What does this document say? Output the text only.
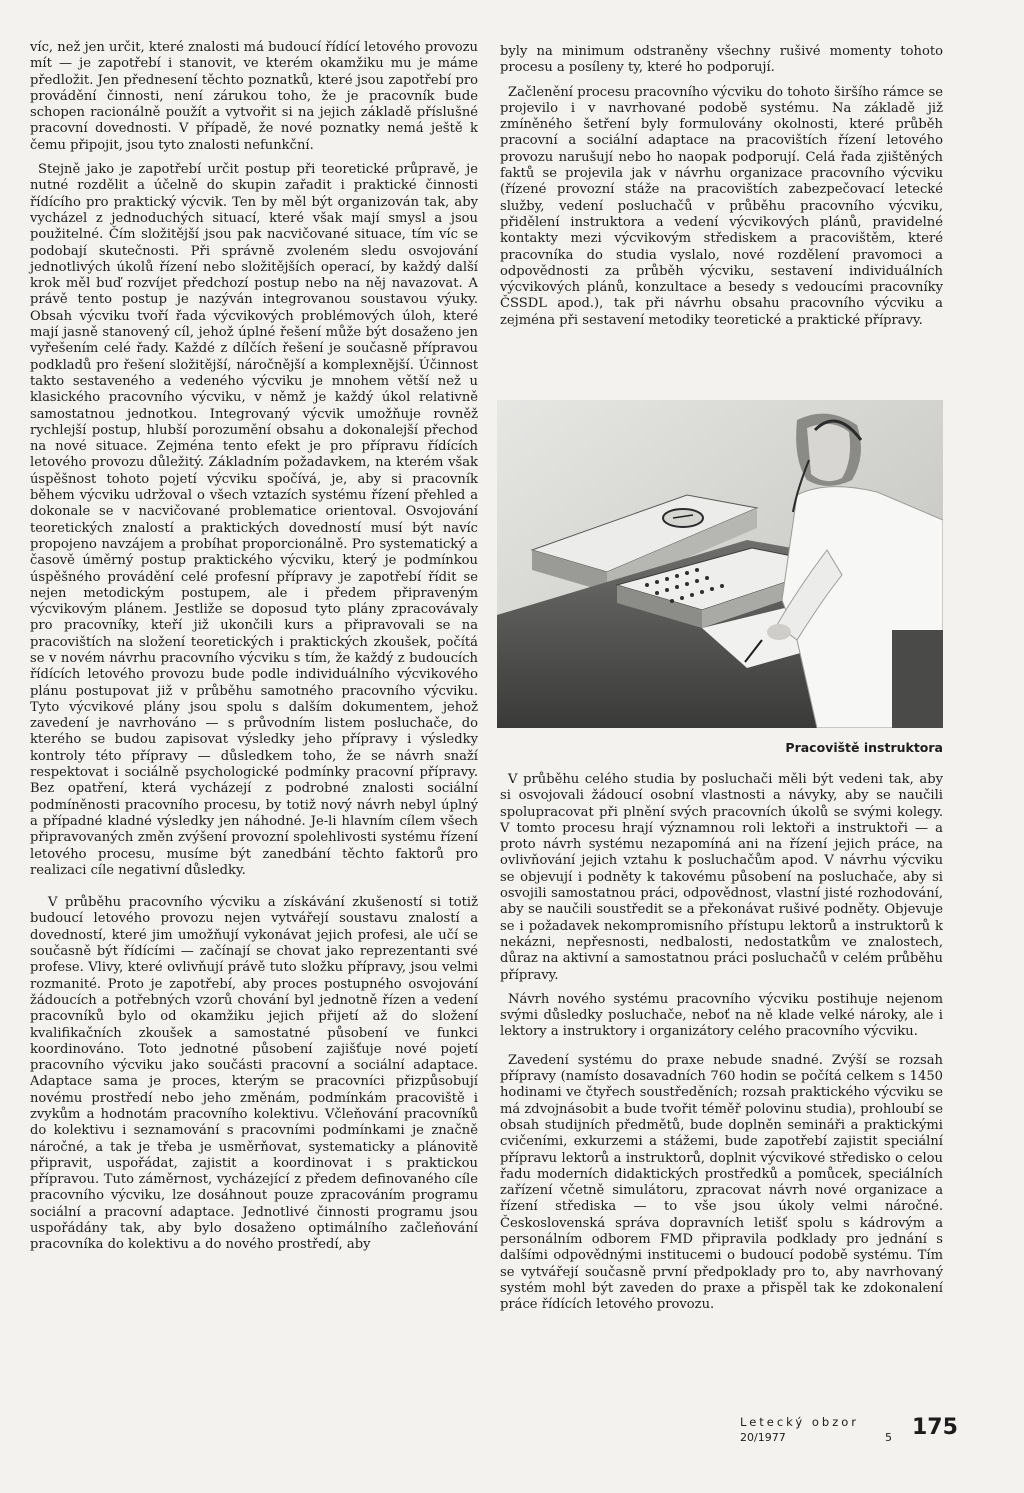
víc, než jen určit, které znalosti má budoucí řídící letového provozu mít — je zapotřebí i stanovit, ve kterém okamžiku mu je máme předložit. Jen přednesení těchto poznatků, které jsou zapotřebí pro provádění činnosti, není zárukou toho, že je pracovník bude schopen racionálně použít a vytvořit si na jejich základě příslušné pracovní dovednosti. V případě, že nové poznatky nemá ještě k čemu připojit, jsou tyto znalosti nefunkční.

Stejně jako je zapotřebí určit postup při teoretické průpravě, je nutné rozdělit a účelně do skupin zařadit i praktické činnosti řídícího pro praktický výcvik. Ten by měl být organizován tak, aby vycházel z jednoduchých situací, které však mají smysl a jsou použitelné. Čím složitější jsou pak nacvičované situace, tím víc se podobají skutečnosti. Při správně zvoleném sledu osvojování jednotlivých úkolů řízení nebo složitějších operací, by každý další krok měl buď rozvíjet předchozí postup nebo na něj navazovat. A právě tento postup je nazýván integrovanou soustavou výuky. Obsah výcviku tvoří řada výcvikových problémových úloh, které mají jasně stanovený cíl, jehož úplné řešení může být dosaženo jen vyřešením celé řady. Každé z dílčích řešení je současně přípravou podkladů pro řešení složitější, náročnější a komplexnější. Účinnost takto sestaveného a vedeného výcviku je mnohem větší než u klasického pracovního výcviku, v němž je každý úkol relativně samostatnou jednotkou. Integrovaný výcvik umožňuje rovněž rychlejší postup, hlubší porozumění obsahu a dokonalejší přechod na nové situace. Zejména tento efekt je pro přípravu řídících letového provozu důležitý. Základním požadavkem, na kterém však úspěšnost tohoto pojetí výcviku spočívá, je, aby si pracovník během výcviku udržoval o všech vztazích systému řízení přehled a dokonale se v nacvičované problematice orientoval. Osvojování teoretických znalostí a praktických dovedností musí být navíc propojeno navzájem a probíhat proporcionálně. Pro systematický a časově úměrný postup praktického výcviku, který je podmínkou úspěšného provádění celé profesní přípravy je zapotřebí řídit se nejen metodickým postupem, ale i předem připraveným výcvikovým plánem. Jestliže se doposud tyto plány zpracovávaly pro pracovníky, kteří již ukončili kurs a připravovali se na pracovištích na složení teoretických i praktických zkoušek, počítá se v novém návrhu pracovního výcviku s tím, že každý z budoucích řídících letového provozu bude podle individuálního výcvikového plánu postupovat již v průběhu samotného pracovního výcviku. Tyto výcvikové plány jsou spolu s dalším dokumentem, jehož zavedení je navrhováno — s průvodním listem posluchače, do kterého se budou zapisovat výsledky jeho přípravy i výsledky kontroly této přípravy — důsledkem toho, že se návrh snaží respektovat i sociálně psychologické podmínky pracovní přípravy. Bez opatření, která vycházejí z podrobné znalosti sociální podmíněnosti pracovního procesu, by totiž nový návrh nebyl úplný a případné kladné výsledky jen náhodné. Je-li hlavním cílem všech připravovaných změn zvýšení provozní spolehlivosti systému řízení letového procesu, musíme být zanedbání těchto faktorů pro realizaci cíle negativní důsledky.

V průběhu pracovního výcviku a získávání zkušeností si totiž budoucí letového provozu nejen vytvářejí soustavu znalostí a dovedností, které jim umožňují vykonávat jejich profesi, ale učí se současně být řídícími — začínají se chovat jako reprezentanti své profese. Vlivy, které ovlivňují právě tuto složku přípravy, jsou velmi rozmanité. Proto je zapotřebí, aby proces postupného osvojování žádoucích a potřebných vzorů chování byl jednotně řízen a vedení pracovníků bylo od okamžiku jejich přijetí až do složení kvalifikačních zkoušek a samostatné působení ve funkci koordinováno. Toto jednotné působení zajišťuje nové pojetí pracovního výcviku jako součásti pracovní a sociální adaptace. Adaptace sama je proces, kterým se pracovníci přizpůsobují novému prostředí nebo jeho změnám, podmínkám pracoviště i zvykům a hodnotám pracovního kolektivu. Včleňování pracovníků do kolektivu i seznamování s pracovními podmínkami je značně náročné, a tak je třeba je usměrňovat, systematicky a plánovitě připravit, uspořádat, zajistit a koordinovat i s praktickou přípravou. Tuto záměrnost, vycházející z předem definovaného cíle pracovního výcviku, lze dosáhnout pouze zpracováním programu sociální a pracovní adaptace. Jednotlivé činnosti programu jsou uspořádány tak, aby bylo dosaženo optimálního začleňování pracovníka do kolektivu a do nového prostředí, aby

byly na minimum odstraněny všechny rušivé momenty tohoto procesu a posíleny ty, které ho podporují.

Začlenění procesu pracovního výcviku do tohoto širšího rámce se projevilo i v navrhované podobě systému. Na základě již zmíněného šetření byly formulovány okolnosti, které průběh pracovní a sociální adaptace na pracovištích řízení letového provozu narušují nebo ho naopak podporují. Celá řada zjištěných faktů se projevila jak v návrhu organizace pracovního výcviku (řízené provozní stáže na pracovištích zabezpečovací letecké služby, vedení posluchačů v průběhu pracovního výcviku, přidělení instruktora a vedení výcvikových plánů, pravidelné kontakty mezi výcvikovým střediskem a pracovištěm, které pracovníka do studia vyslalo, nové rozdělení pravomoci a odpovědnosti za průběh výcviku, sestavení individuálních výcvikových plánů, konzultace a besedy s vedoucími pracovníky ČSSDL apod.), tak při návrhu obsahu pracovního výcviku a zejména při sestavení metodiky teoretické a praktické přípravy.

Pracoviště instruktora

V průběhu celého studia by posluchači měli být vedeni tak, aby si osvojovali žádoucí osobní vlastnosti a návyky, aby se naučili spolupracovat při plnění svých pracovních úkolů se svými kolegy. V tomto procesu hrají významnou roli lektoři a instruktoři — a proto návrh systému nezapomíná ani na řízení jejich práce, na ovlivňování jejich vztahu k posluchačům apod. V návrhu výcviku se objevují i podněty k takovému působení na posluchače, aby si osvojili samostatnou práci, odpovědnost, vlastní jisté rozhodování, aby se naučili soustředit se a překonávat rušivé podněty. Objevuje se i požadavek nekompromisního přístupu lektorů a instruktorů k nekázni, nepřesnosti, nedbalosti, nedostatkům ve znalostech, důraz na aktivní a samostatnou práci posluchačů v celém průběhu přípravy.

Návrh nového systému pracovního výcviku postihuje nejenom svými důsledky posluchače, neboť na ně klade velké nároky, ale i lektory a instruktory i organizátory celého pracovního výcviku.

Zavedení systému do praxe nebude snadné. Zvýší se rozsah přípravy (namísto dosavadních 760 hodin se počítá celkem s 1450 hodinami ve čtyřech soustředěních; rozsah praktického výcviku se má zdvojnásobit a bude tvořit téměř polovinu studia), prohloubí se obsah studijních předmětů, bude doplněn semináři a praktickými cvičeními, exkurzemi a stážemi, bude zapotřebí zajistit speciální přípravu lektorů a instruktorů, doplnit výcvikové středisko o celou řadu moderních didaktických prostředků a pomůcek, speciálních zařízení včetně simulátoru, zpracovat návrh nové organizace a řízení střediska — to vše jsou úkoly velmi náročné. Československá správa dopravních letišť spolu s kádrovým a personálním odborem FMD připravila podklady pro jednání s dalšími odpovědnými institucemi o budoucí podobě systému. Tím se vytvářejí současně první předpoklady pro to, aby navrhovaný systém mohl být zaveden do praxe a přispěl tak ke zdokonalení práce řídících letového provozu.

Letecký obzor
20/1977	5 175
